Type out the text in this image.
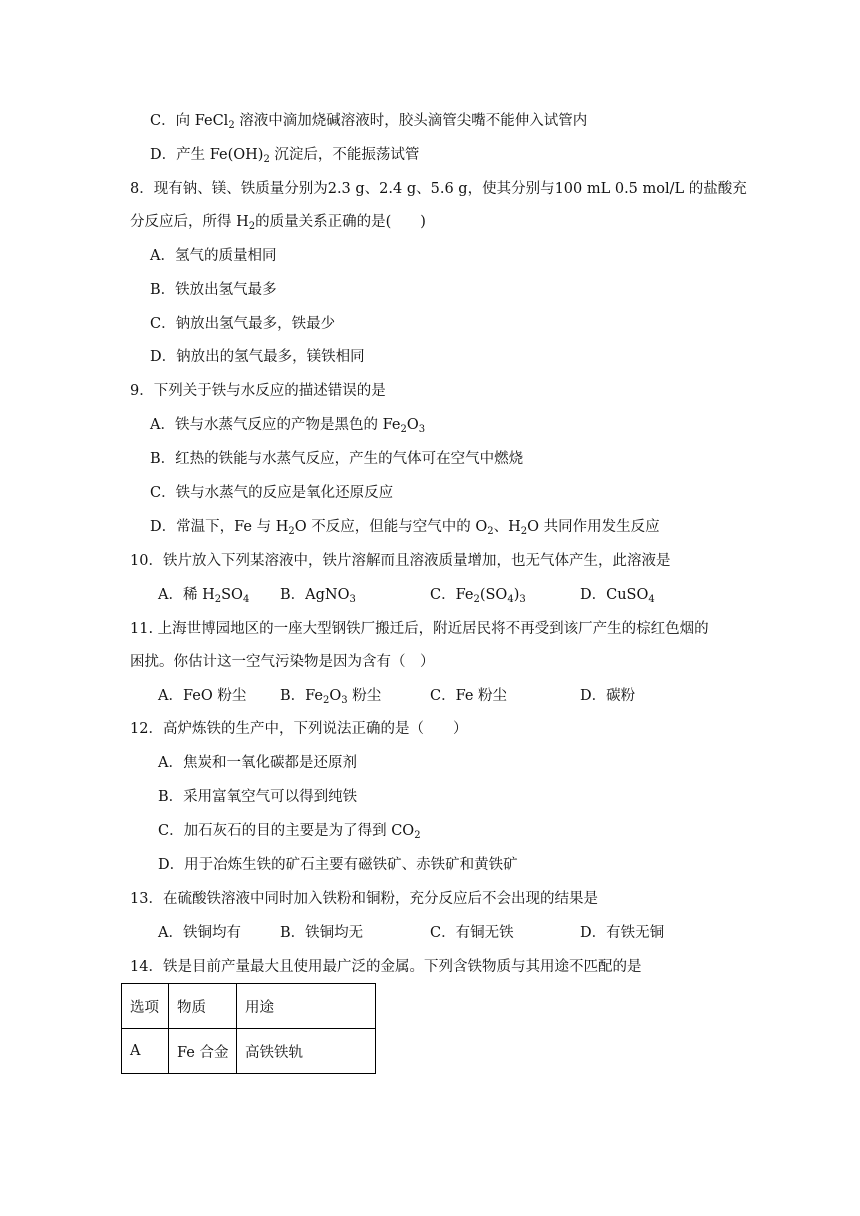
C．向 FeCl$_2$ 溶液中滴加烧碱溶液时，胶头滴管尖嘴不能伸入试管内
D．产生 $Fe(OH)_2$ 沉淀后，不能振荡试管
8．现有钠、镁、铁质量分别为2.3 g、2.4 g、5.6 g，使其分别与100 mL 0.5 mol/L 的盐酸充
分反应后，所得 $H_2$的质量关系正确的是(　　)
A．氢气的质量相同
B．铁放出氢气最多
C．钠放出氢气最多，铁最少
D．钠放出的氢气最多，镁铁相同
9．下列关于铁与水反应的描述错误的是
A．铁与水蒸气反应的产物是黑色的 $Fe_2O_3$
B．红热的铁能与水蒸气反应，产生的气体可在空气中燃烧
C．铁与水蒸气的反应是氧化还原反应
D．常温下，Fe 与 $H_2O$ 不反应，但能与空气中的 $O_2$、$H_2O$ 共同作用发生反应
10．铁片放入下列某溶液中，铁片溶解而且溶液质量增加，也无气体产生，此溶液是
A．稀 $H_2SO_4$ B．AgNO$_3$	C．$Fe_2(SO_4)_3$	D．CuSO$_4$
11. 上海世博园地区的一座大型钢铁厂搬迁后，附近居民将不再受到该厂产生的棕红色烟的
困扰。你估计这一空气污染物是因为含有（　）
A．FeO 粉尘 B．$Fe_2O_3$ 粉尘	C．Fe 粉尘	D．碳粉
12．高炉炼铁的生产中，下列说法正确的是（　　）
A．焦炭和一氧化碳都是还原剂
B．采用富氧空气可以得到纯铁
C．加石灰石的目的主要是为了得到 $CO_2$
D．用于冶炼生铁的矿石主要有磁铁矿、赤铁矿和黄铁矿
13．在硫酸铁溶液中同时加入铁粉和铜粉，充分反应后不会出现的结果是
A．铁铜均有	B．铁铜均无	C．有铜无铁	D．有铁无铜
14．铁是目前产量最大且使用最广泛的金属。下列含铁物质与其用途不匹配的是
选项	物质	用途
A	Fe 合金	高铁铁轨
